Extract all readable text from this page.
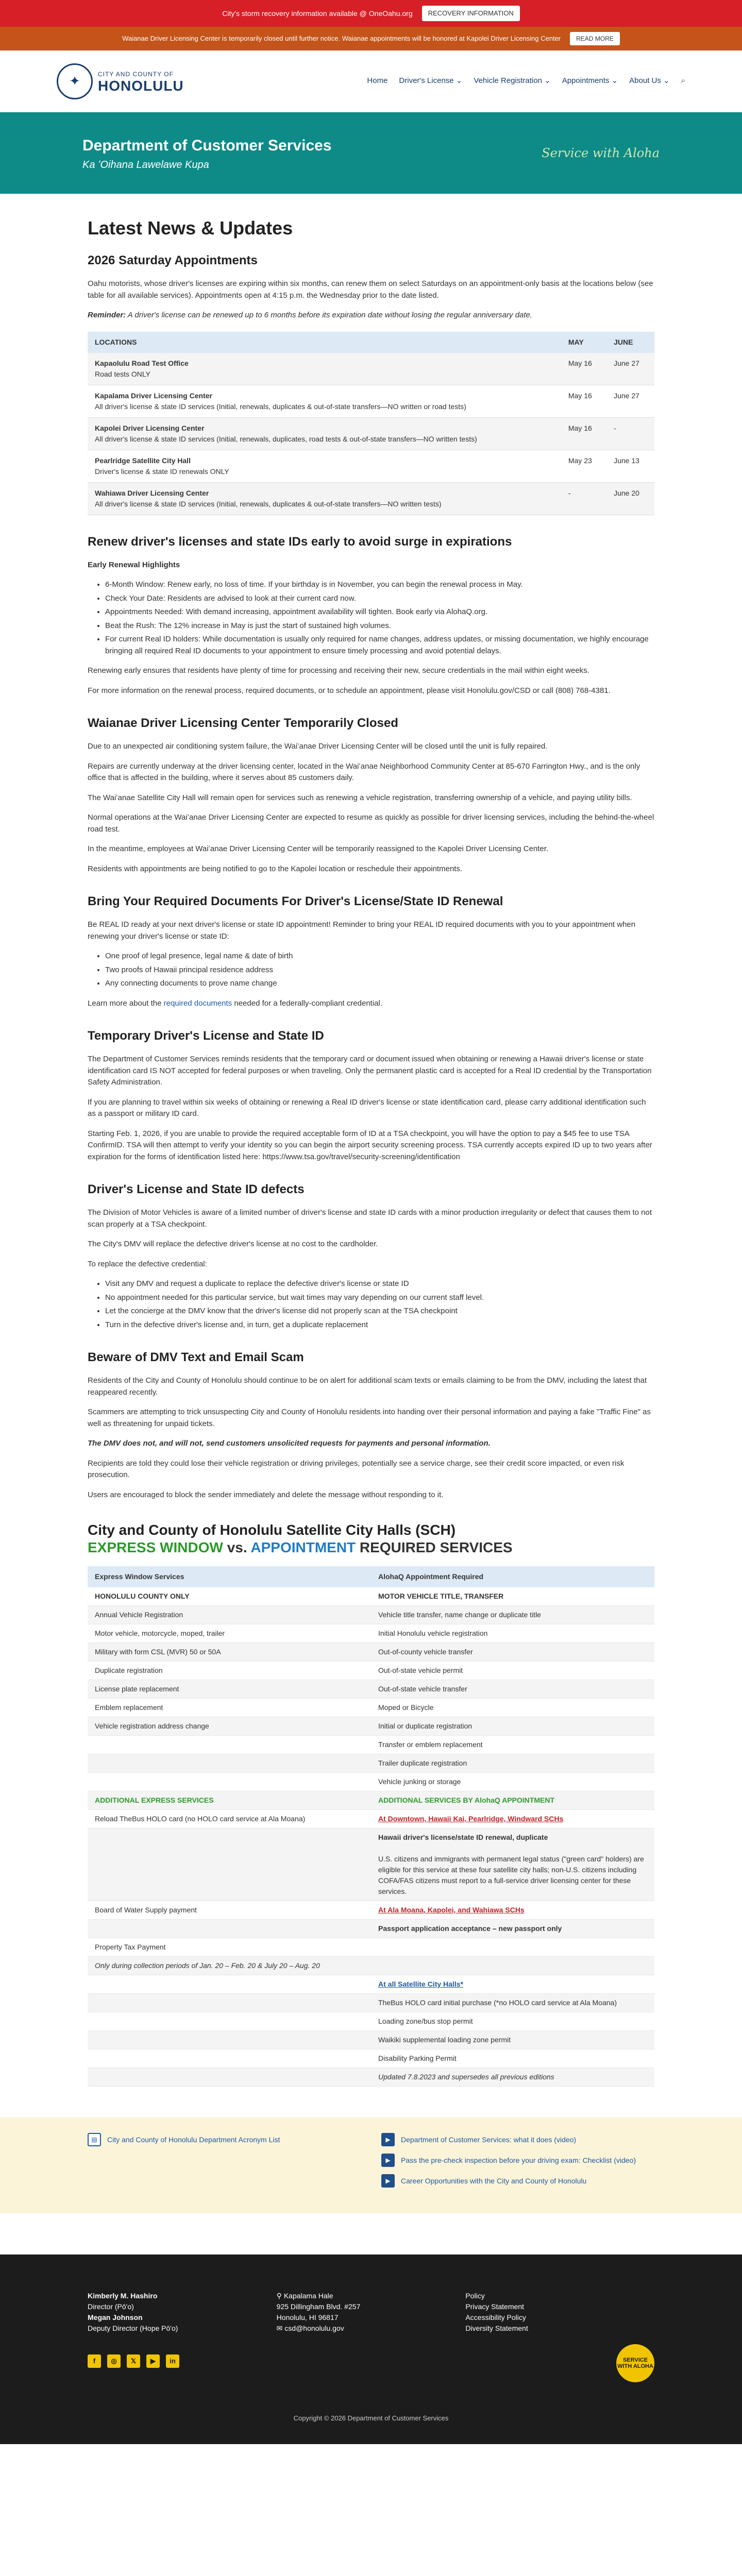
City's storm recovery information available @ OneOahu.org	RECOVERY INFORMATION
Waianae Driver Licensing Center is temporarily closed until further notice. Waianae appointments will be honored at Kapolei Driver Licensing Center	READ MORE
✦	CITY AND COUNTY OF
HONOLULU	Home Driver's License ⌄ Vehicle Registration ⌄ Appointments ⌄ About Us ⌄ ⌕
Department of Customer Services
Ka ʻOihana Lawelawe Kupa
Service with Aloha
Latest News & Updates
2026 Saturday Appointments

Oahu motorists, whose driver's licenses are expiring within six months, can renew them on select Saturdays on an appointment-only basis at the locations below (see table for all available services). Appointments open at 4:15 p.m. the Wednesday prior to the date listed.

Reminder: A driver's license can be renewed up to 6 months before its expiration date without losing the regular anniversary date.

LOCATIONS	MAY	JUNE
Kapaolulu Road Test Office
Road tests ONLY	May 16	June 27
Kapalama Driver Licensing Center
All driver's license & state ID services (Initial, renewals, duplicates & out-of-state transfers—NO written or road tests)	May 16	June 27
Kapolei Driver Licensing Center
All driver's license & state ID services (Initial, renewals, duplicates, road tests & out-of-state transfers—NO written tests)	May 16	-
Pearlridge Satellite City Hall
Driver's license & state ID renewals ONLY	May 23	June 13
Wahiawa Driver Licensing Center
All driver's license & state ID services (Initial, renewals, duplicates & out-of-state transfers—NO written tests)	-	June 20
Renew driver's licenses and state IDs early to avoid surge in expirations

Early Renewal Highlights

• 6-Month Window: Renew early, no loss of time. If your birthday is in November, you can begin the renewal process in May.
• Check Your Date: Residents are advised to look at their current card now.
• Appointments Needed: With demand increasing, appointment availability will tighten. Book early via AlohaQ.org.
• Beat the Rush: The 12% increase in May is just the start of sustained high volumes.
• For current Real ID holders: While documentation is usually only required for name changes, address updates, or missing documentation, we highly encourage bringing all required Real ID documents to your appointment to ensure timely processing and avoid potential delays.

Renewing early ensures that residents have plenty of time for processing and receiving their new, secure credentials in the mail within eight weeks.

For more information on the renewal process, required documents, or to schedule an appointment, please visit Honolulu.gov/CSD or call (808) 768-4381.

Waianae Driver Licensing Center Temporarily Closed

Due to an unexpected air conditioning system failure, the Waiʻanae Driver Licensing Center will be closed until the unit is fully repaired.

Repairs are currently underway at the driver licensing center, located in the Waiʻanae Neighborhood Community Center at 85-670 Farrington Hwy., and is the only office that is affected in the building, where it serves about 85 customers daily.

The Waiʻanae Satellite City Hall will remain open for services such as renewing a vehicle registration, transferring ownership of a vehicle, and paying utility bills.

Normal operations at the Waiʻanae Driver Licensing Center are expected to resume as quickly as possible for driver licensing services, including the behind-the-wheel road test.

In the meantime, employees at Waiʻanae Driver Licensing Center will be temporarily reassigned to the Kapolei Driver Licensing Center.

Residents with appointments are being notified to go to the Kapolei location or reschedule their appointments.

Bring Your Required Documents For Driver's License/State ID Renewal

Be REAL ID ready at your next driver's license or state ID appointment! Reminder to bring your REAL ID required documents with you to your appointment when renewing your driver's license or state ID:

• One proof of legal presence, legal name & date of birth
• Two proofs of Hawaii principal residence address
• Any connecting documents to prove name change

Learn more about the required documents needed for a federally-compliant credential.

Temporary Driver's License and State ID

The Department of Customer Services reminds residents that the temporary card or document issued when obtaining or renewing a Hawaii driver's license or state identification card IS NOT accepted for federal purposes or when traveling. Only the permanent plastic card is accepted for a Real ID credential by the Transportation Safety Administration.

If you are planning to travel within six weeks of obtaining or renewing a Real ID driver's license or state identification card, please carry additional identification such as a passport or military ID card.

Starting Feb. 1, 2026, if you are unable to provide the required acceptable form of ID at a TSA checkpoint, you will have the option to pay a $45 fee to use TSA ConfirmID. TSA will then attempt to verify your identity so you can begin the airport security screening process. TSA currently accepts expired ID up to two years after expiration for the forms of identification listed here: https://www.tsa.gov/travel/security-screening/identification

Driver's License and State ID defects

The Division of Motor Vehicles is aware of a limited number of driver's license and state ID cards with a minor production irregularity or defect that causes them to not scan properly at a TSA checkpoint.

The City's DMV will replace the defective driver's license at no cost to the cardholder.

To replace the defective credential:

• Visit any DMV and request a duplicate to replace the defective driver's license or state ID
• No appointment needed for this particular service, but wait times may vary depending on our current staff level.
• Let the concierge at the DMV know that the driver's license did not properly scan at the TSA checkpoint
• Turn in the defective driver's license and, in turn, get a duplicate replacement
Beware of DMV Text and Email Scam

Residents of the City and County of Honolulu should continue to be on alert for additional scam texts or emails claiming to be from the DMV, including the latest that reappeared recently.

Scammers are attempting to trick unsuspecting City and County of Honolulu residents into handing over their personal information and paying a fake "Traffic Fine" as well as threatening for unpaid tickets.

The DMV does not, and will not, send customers unsolicited requests for payments and personal information.

Recipients are told they could lose their vehicle registration or driving privileges, potentially see a service charge, see their credit score impacted, or even risk prosecution.

Users are encouraged to block the sender immediately and delete the message without responding to it.

City and County of Honolulu Satellite City Halls (SCH)
EXPRESS WINDOW vs. APPOINTMENT REQUIRED SERVICES
Express Window Services	AlohaQ Appointment Required
HONOLULU COUNTY ONLY	MOTOR VEHICLE TITLE, TRANSFER
Annual Vehicle Registration	Vehicle title transfer, name change or duplicate title
Motor vehicle, motorcycle, moped, trailer	Initial Honolulu vehicle registration
Military with form CSL (MVR) 50 or 50A	Out-of-county vehicle transfer
Duplicate registration	Out-of-state vehicle permit
License plate replacement	Out-of-state vehicle transfer
Emblem replacement	Moped or Bicycle
Vehicle registration address change	Initial or duplicate registration
	Transfer or emblem replacement
	Trailer duplicate registration
	Vehicle junking or storage
ADDITIONAL EXPRESS SERVICES	ADDITIONAL SERVICES BY AlohaQ APPOINTMENT
Reload TheBus HOLO card (no HOLO card service at Ala Moana)	At Downtown, Hawaii Kai, Pearlridge, Windward SCHs
	Hawaii driver's license/state ID renewal, duplicate

U.S. citizens and immigrants with permanent legal status ("green card" holders) are eligible for this service at these four satellite city halls; non-U.S. citizens including COFA/FAS citizens must report to a full-service driver licensing center for these services.
Board of Water Supply payment	At Ala Moana, Kapolei, and Wahiawa SCHs
	Passport application acceptance – new passport only
Property Tax Payment	
Only during collection periods of Jan. 20 – Feb. 20 & July 20 – Aug. 20	
	At all Satellite City Halls*
	TheBus HOLO card initial purchase (*no HOLO card service at Ala Moana)
	Loading zone/bus stop permit
	Waikiki supplemental loading zone permit
	Disability Parking Permit
	Updated 7.8.2023 and supersedes all previous editions
▤	City and County of Honolulu Department Acronym List	▶	Department of Customer Services: what it does (video)
▶	Pass the pre-check inspection before your driving exam: Checklist (video)
▶	Career Opportunities with the City and County of Honolulu
Kimberly M. Hashiro
Director (Pō'o)
Megan Johnson
Deputy Director (Hope Pō'o)
f	◎	𝕏	▶	in
⚲ Kapalama Hale
925 Dillingham Blvd. #257
Honolulu, HI 96817
✉ csd@honolulu.gov
Policy
Privacy Statement
Accessibility Policy
Diversity Statement
SERVICE WITH ALOHA
Copyright © 2026 Department of Customer Services
